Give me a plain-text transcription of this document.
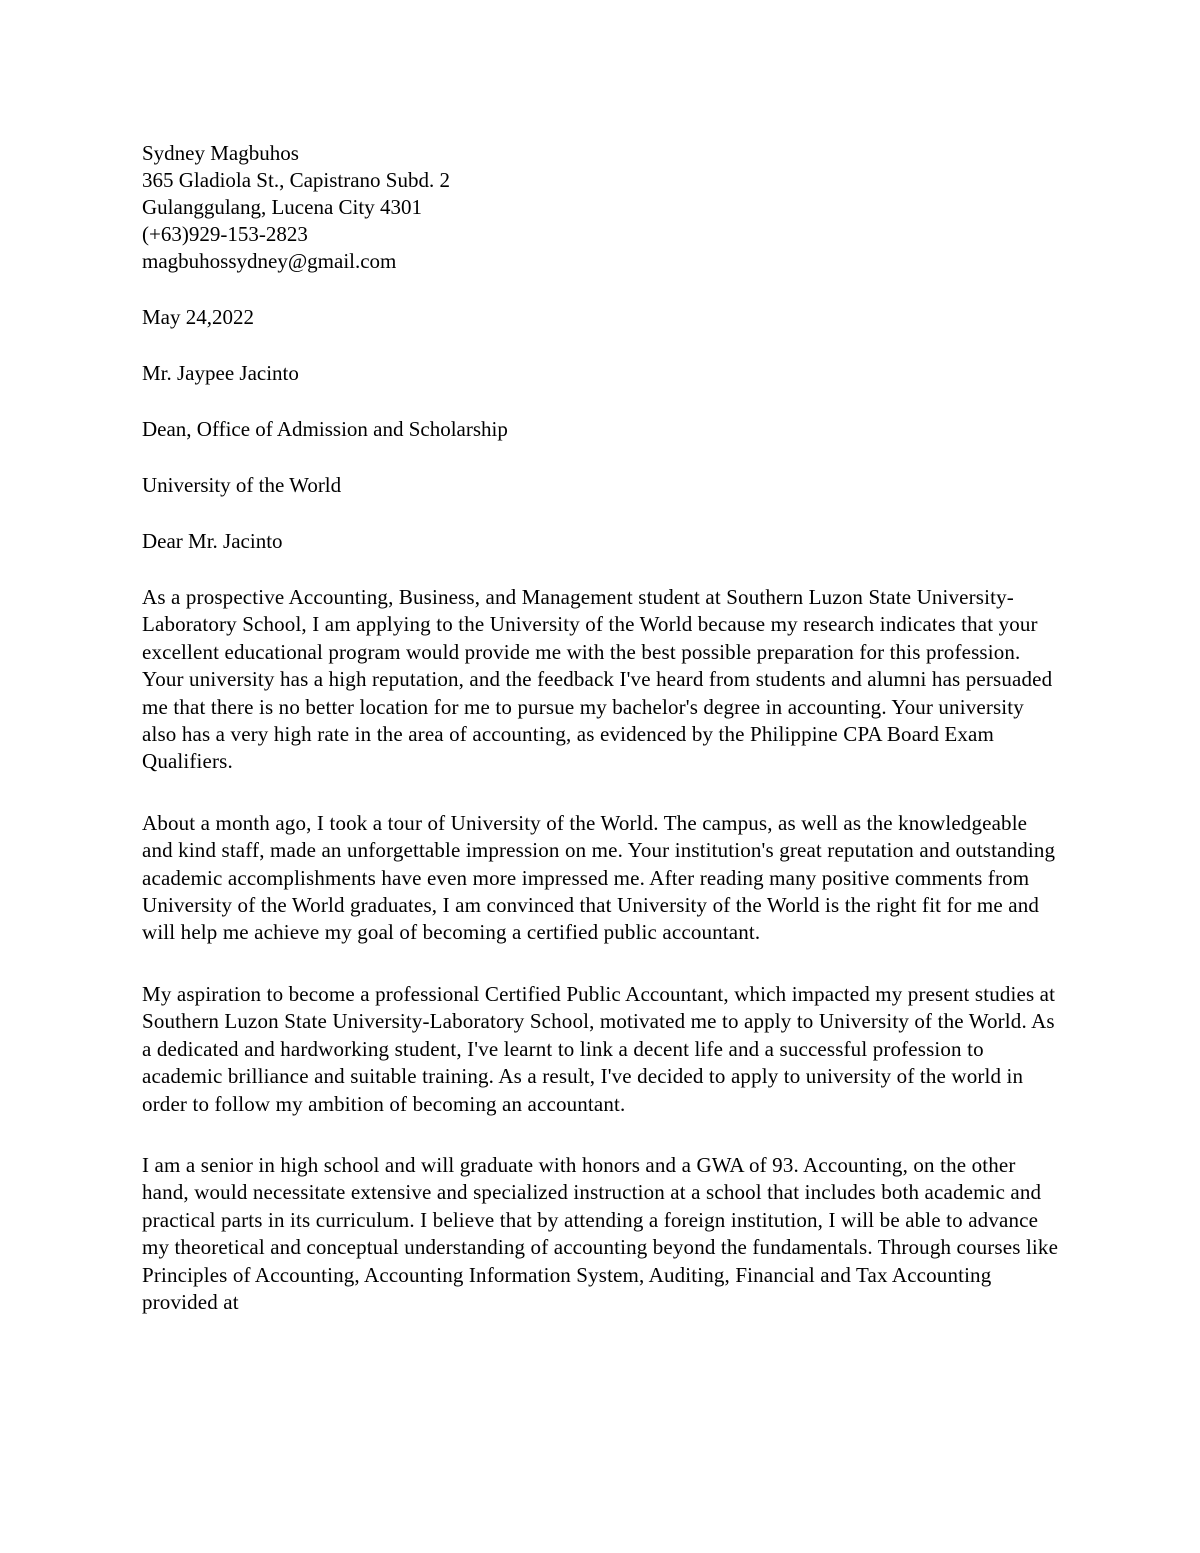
Sydney Magbuhos
365 Gladiola St., Capistrano Subd. 2
Gulanggulang, Lucena City 4301
(+63)929-153-2823
magbuhossydney@gmail.com
May 24,2022
Mr. Jaypee Jacinto
Dean, Office of Admission and Scholarship
University of the World
Dear Mr. Jacinto

As a prospective Accounting, Business, and Management student at Southern Luzon State University-Laboratory School, I am applying to the University of the World because my research indicates that your excellent educational program would provide me with the best possible preparation for this profession. Your university has a high reputation, and the feedback I've heard from students and alumni has persuaded me that there is no better location for me to pursue my bachelor's degree in accounting. Your university also has a very high rate in the area of accounting, as evidenced by the Philippine CPA Board Exam Qualifiers.

About a month ago, I took a tour of University of the World. The campus, as well as the knowledgeable and kind staff, made an unforgettable impression on me. Your institution's great reputation and outstanding academic accomplishments have even more impressed me. After reading many positive comments from University of the World graduates, I am convinced that University of the World is the right fit for me and will help me achieve my goal of becoming a certified public accountant.

My aspiration to become a professional Certified Public Accountant, which impacted my present studies at Southern Luzon State University-Laboratory School, motivated me to apply to University of the World. As a dedicated and hardworking student, I've learnt to link a decent life and a successful profession to academic brilliance and suitable training. As a result, I've decided to apply to university of the world in order to follow my ambition of becoming an accountant.

I am a senior in high school and will graduate with honors and a GWA of 93. Accounting, on the other hand, would necessitate extensive and specialized instruction at a school that includes both academic and practical parts in its curriculum. I believe that by attending a foreign institution, I will be able to advance my theoretical and conceptual understanding of accounting beyond the fundamentals. Through courses like Principles of Accounting, Accounting Information System, Auditing, Financial and Tax Accounting provided at
